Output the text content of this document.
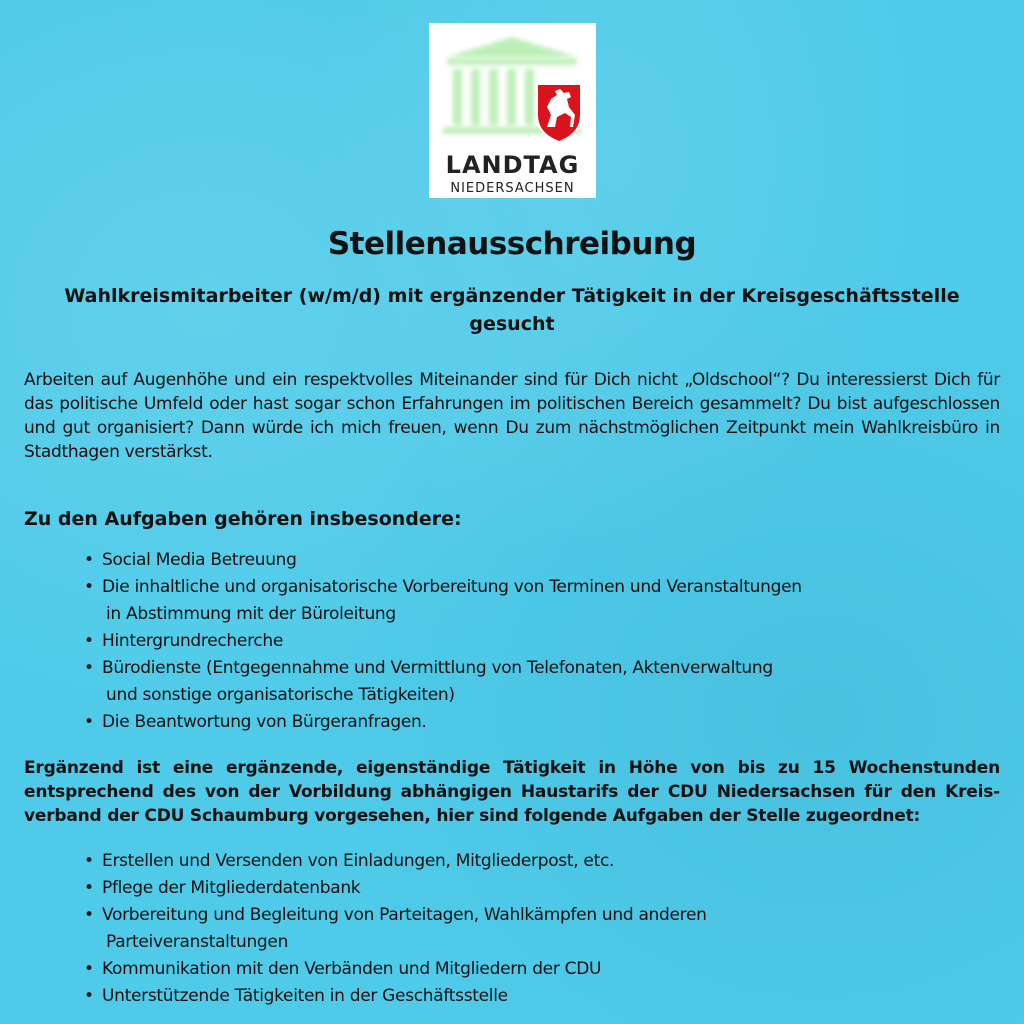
LANDTAG
NIEDERSACHSEN
Stellenausschreibung
Wahlkreismitarbeiter (w/m/d) mit ergänzender Tätigkeit in der Kreisgeschäftsstelle gesucht
Arbeiten auf Augenhöhe und ein respektvolles Miteinander sind für Dich nicht „Oldschool“? Du interessierst Dich für das politische Umfeld oder hast sogar schon Erfahrungen im politischen Bereich gesammelt? Du bist aufgeschlossen und gut organisiert? Dann würde ich mich freuen, wenn Du zum nächstmöglichen Zeitpunkt mein Wahlkreisbüro in Stadthagen verstärkst.
Zu den Aufgaben gehören insbesondere:
• Social Media Betreuung
• Die inhaltliche und organisatorische Vorbereitung von Terminen und Veranstaltungen
in Abstimmung mit der Büroleitung
• Hintergrundrecherche
• Bürodienste (Entgegennahme und Vermittlung von Telefonaten, Aktenverwaltung
und sonstige organisatorische Tätigkeiten)
• Die Beantwortung von Bürgeranfragen.
Ergänzend ist eine ergänzende, eigenständige Tätigkeit in Höhe von bis zu 15 Wochenstunden entsprechend des von der Vorbildung abhängigen Haustarifs der CDU Niedersachsen für den Kreis-verband der CDU Schaumburg vorgesehen, hier sind folgende Aufgaben der Stelle zugeordnet:
• Erstellen und Versenden von Einladungen, Mitgliederpost, etc.
• Pflege der Mitgliederdatenbank
• Vorbereitung und Begleitung von Parteitagen, Wahlkämpfen und anderen
Parteiveranstaltungen
• Kommunikation mit den Verbänden und Mitgliedern der CDU
• Unterstützende Tätigkeiten in der Geschäftsstelle
